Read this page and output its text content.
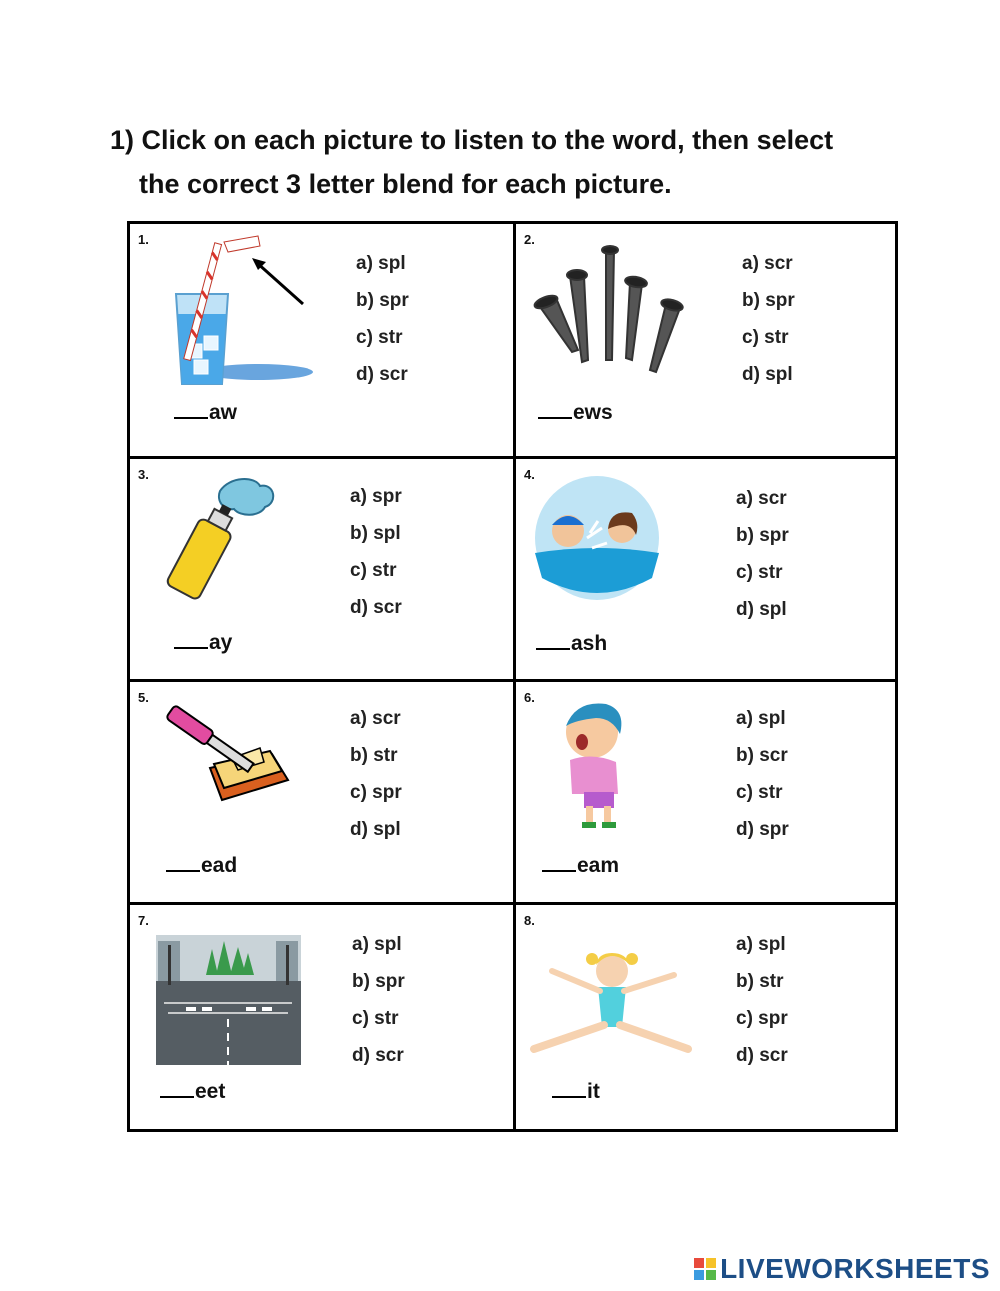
1) Click on each picture to listen to the word, then select
the correct 3 letter blend for each picture.
1.
a) spl
b) spr
c) str
d) scr
aw
2.
a) scr
b) spr
c) str
d) spl
ews
3.
a) spr
b) spl
c) str
d) scr
ay
4.
a) scr
b) spr
c) str
d) spl
ash
5.
a) scr
b) str
c) spr
d) spl
ead
6.
a) spl
b) scr
c) str
d) spr
eam
7.
a) spl
b) spr
c) str
d) scr
eet
8.
a) spl
b) str
c) spr
d) scr
it
LIVEWORKSHEETS
